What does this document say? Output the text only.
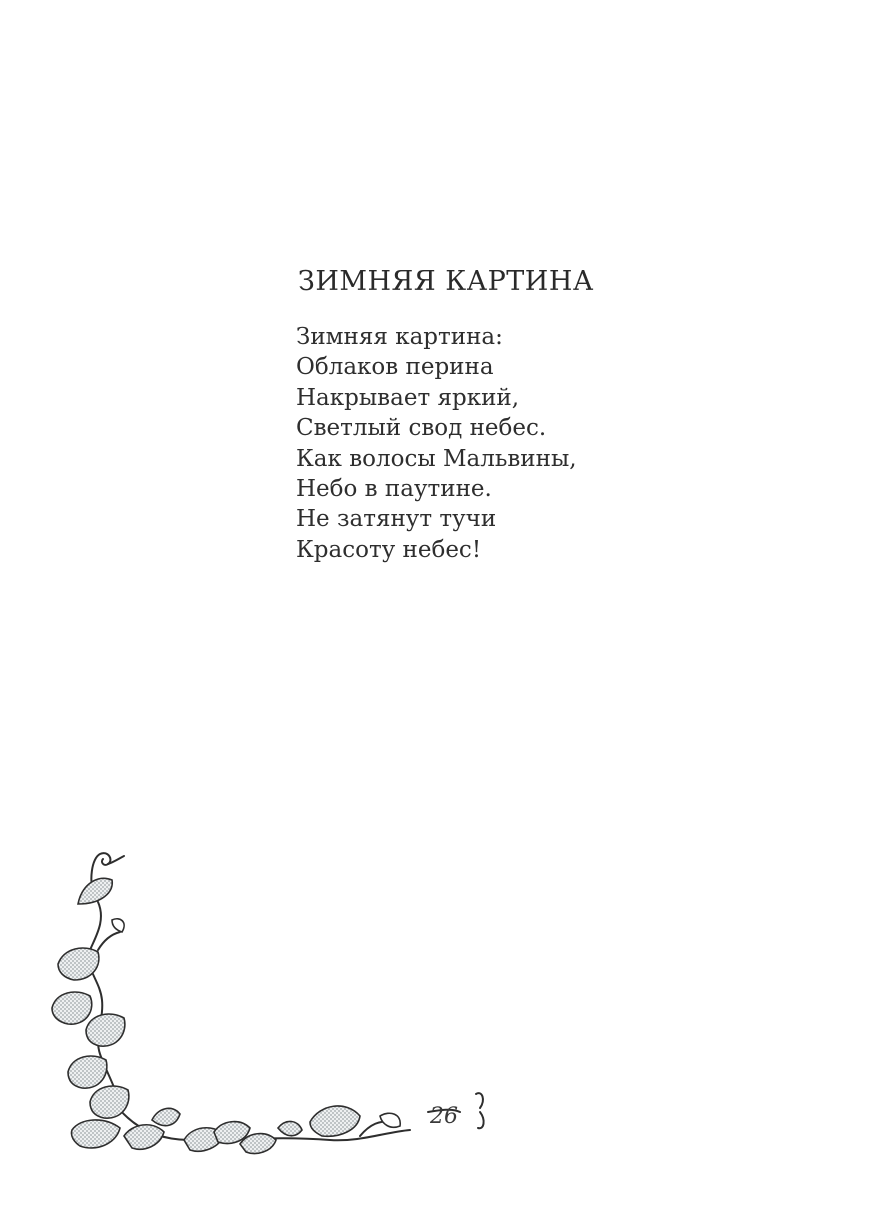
ЗИМНЯЯ КАРТИНА
Зимняя картина:
Облаков перина
Накрывает яркий,
Светлый свод небес.
Как волосы Мальвины,
Небо в паутине.
Не затянут тучи
Красоту небес!
26
